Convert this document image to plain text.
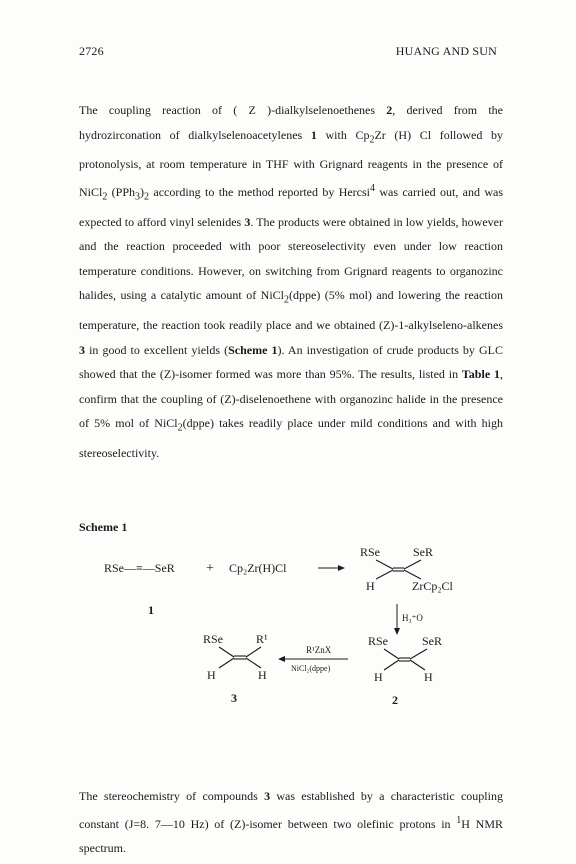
2726	HUANG AND SUN

The coupling reaction of ( Z )-dialkylselenoethenes 2, derived from the hydrozirconation of dialkylselenoacetylenes 1 with $Cp_2Zr$ (H) Cl followed by protonolysis, at room temperature in THF with Grignard reagents in the presence of NiCl$_2$ $(PPh_3)_2$ according to the method reported by Hercsi$^4$ was carried out, and was expected to afford vinyl selenides 3. The products were obtained in low yields, however and the reaction proceeded with poor stereoselectivity even under low reaction temperature conditions. However, on switching from Grignard reagents to organozinc halides, using a catalytic amount of NiCl$_2$(dppe) (5% mol) and lowering the reaction temperature, the reaction took readily place and we obtained (Z)-1-alkylseleno-alkenes 3 in good to excellent yields (Scheme 1). An investigation of crude products by GLC showed that the (Z)-isomer formed was more than 95%. The results, listed in Table 1, confirm that the coupling of (Z)-diselenoethene with organozinc halide in the presence of 5% mol of NiCl$_2$(dppe) takes readily place under mild conditions and with high stereoselectivity.

Scheme 1
RSe—≡—SeR + Cp₂Zr(H)Cl
1
RSe	SeR
H	ZrCp₂Cl
H₃⁺O
RSe	SeR
H	H
2
R¹ZnX
NiCl₂(dppe)
RSe	R¹
H	H
3

The stereochemistry of compounds 3 was established by a characteristic coupling constant (J=8. 7—10 Hz) of (Z)-isomer between two olefinic protons in $^1$H NMR spectrum.
